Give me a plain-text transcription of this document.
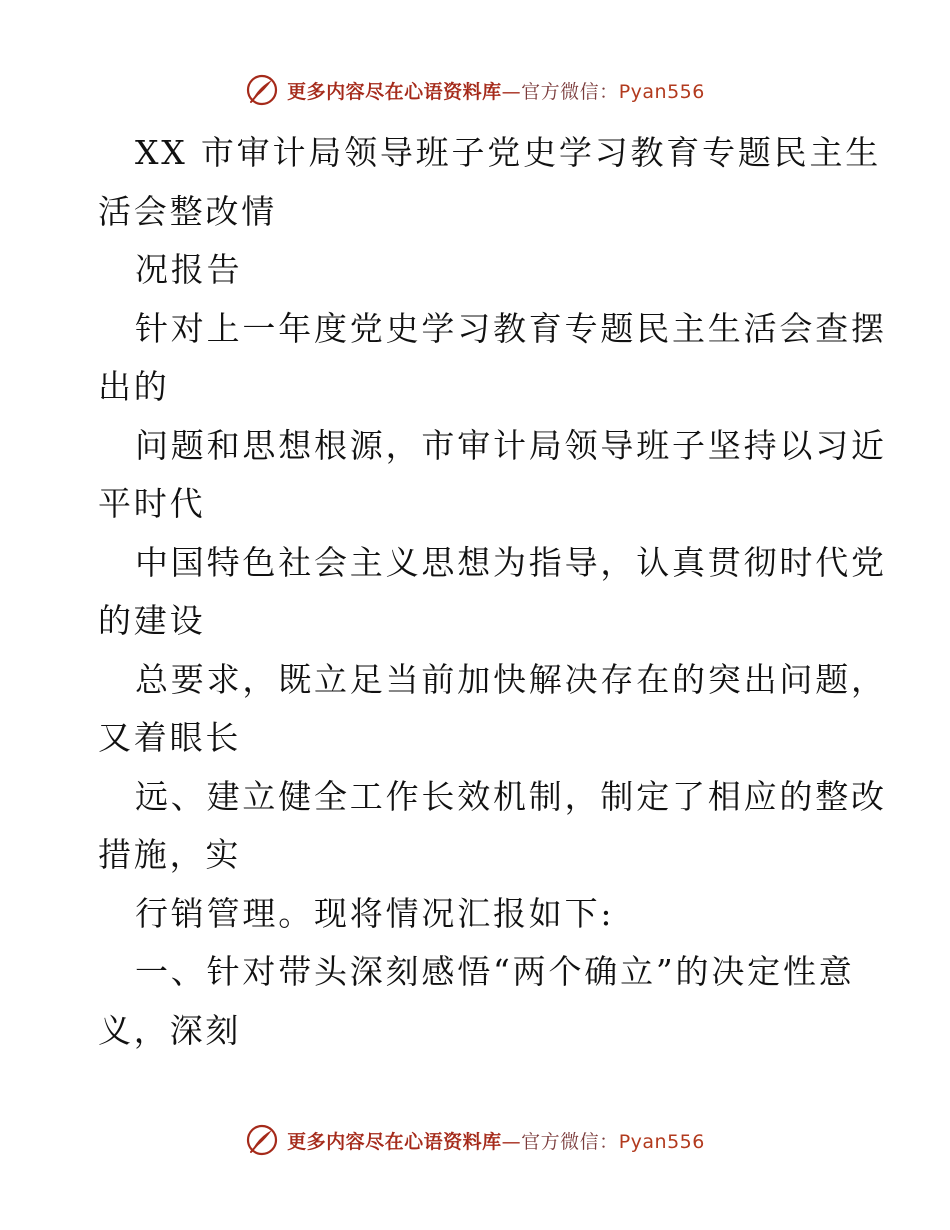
更多内容尽在心语资料库—官方微信：Pyan556
XX 市审计局领导班子党史学习教育专题民主生
活会整改情
况报告
针对上一年度党史学习教育专题民主生活会查摆
出的
问题和思想根源，市审计局领导班子坚持以习近
平时代
中国特色社会主义思想为指导，认真贯彻时代党
的建设
总要求，既立足当前加快解决存在的突出问题，
又着眼长
远、建立健全工作长效机制，制定了相应的整改
措施，实
行销管理。现将情况汇报如下:
一、针对带头深刻感悟“两个确立”的决定性意
义，深刻
更多内容尽在心语资料库—官方微信：Pyan556
